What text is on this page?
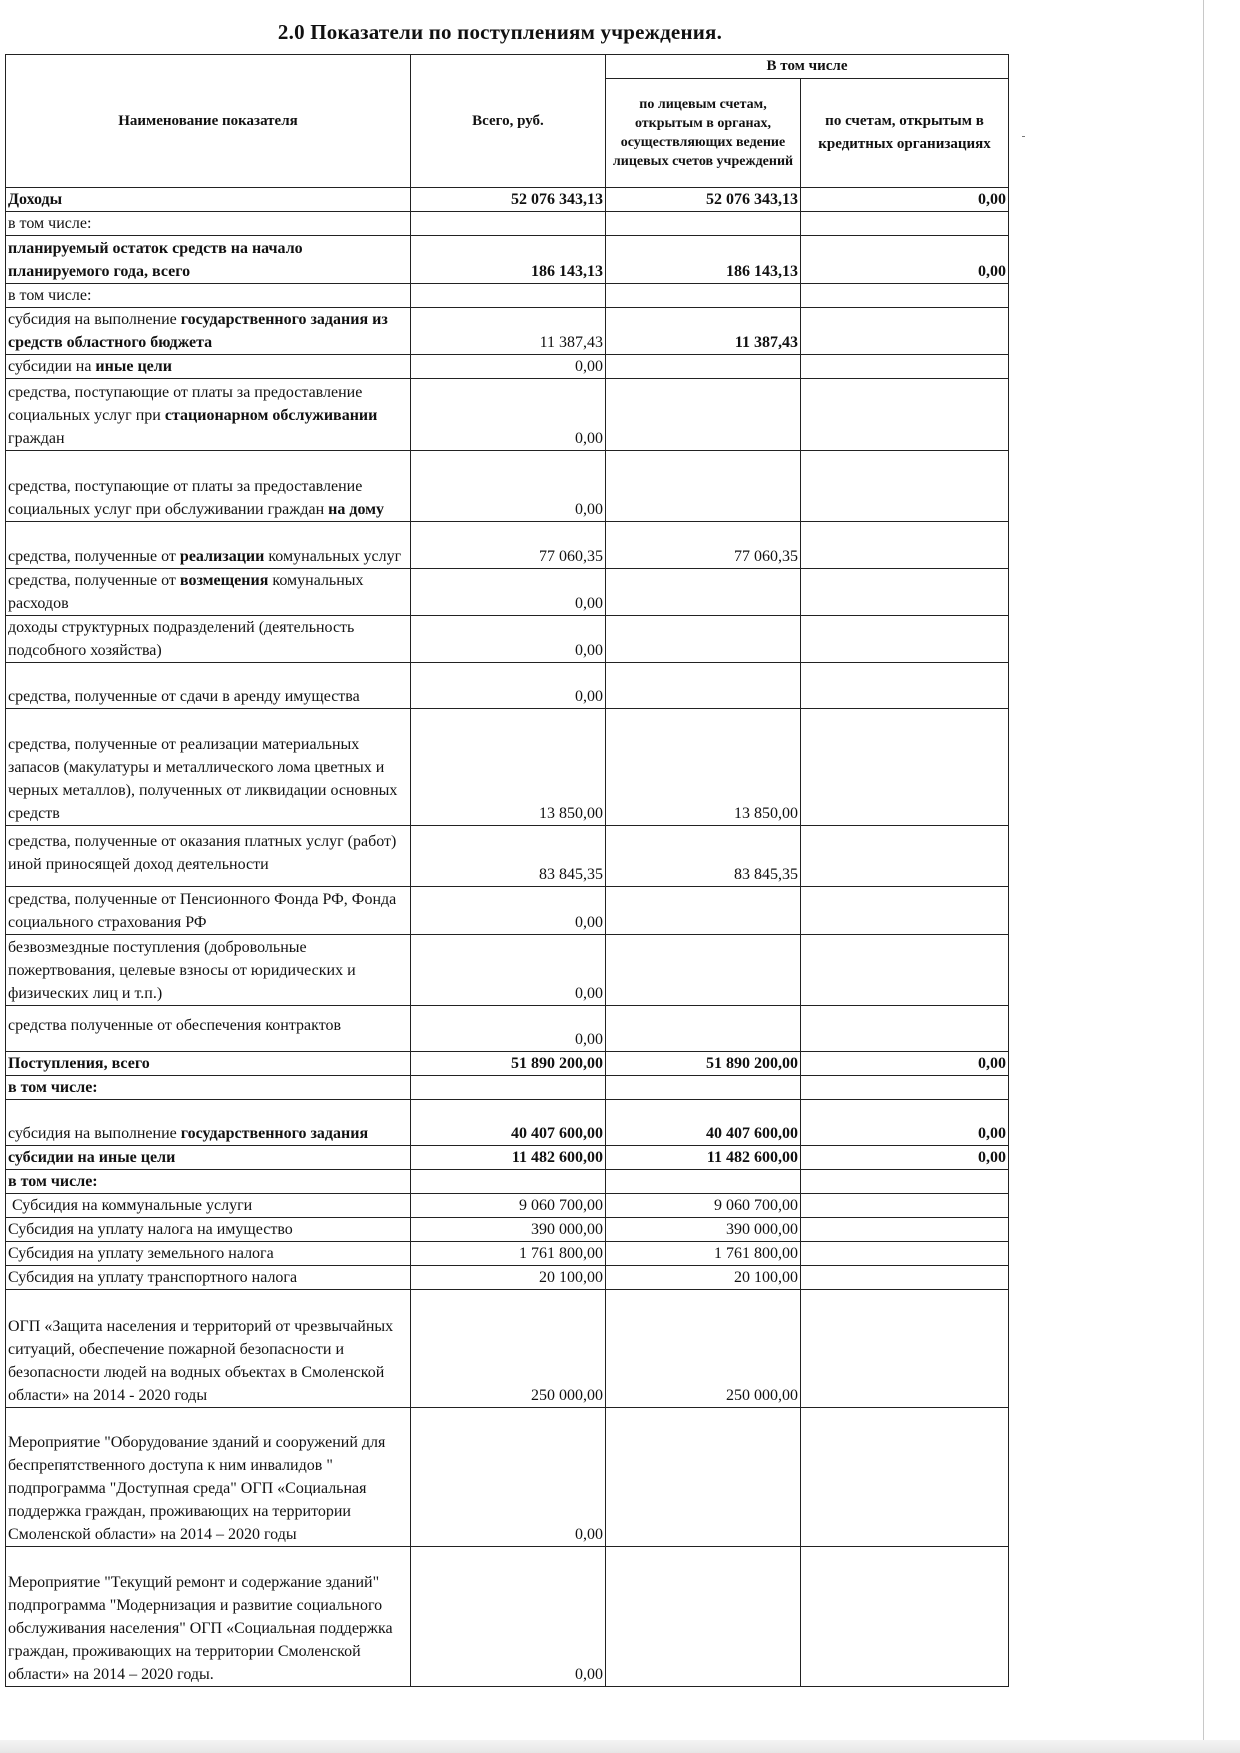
2.0 Показатели по поступлениям учреждения.
Наименование показателя	Всего, руб.	В том числе	
		по лицевым счетам, открытым в органах, осуществляющих ведение лицевых счетов учреждений	по счетам, открытым в кредитных организациях
Доходы	52 076 343,13	52 076 343,13	0,00
в том числе:			
планируемый остаток средств на начало планируемого года, всего	186 143,13	186 143,13	0,00
в том числе:			
субсидия на выполнение государственного задания из средств областного бюджета	11 387,43	11 387,43	
субсидии на иные цели	0,00		
средства, поступающие от платы за предоставление социальных услуг при стационарном обслуживании граждан	0,00		
средства, поступающие от платы за предоставление социальных услуг при обслуживании граждан на дому	0,00		
средства, полученные от реализации комунальных услуг	77 060,35	77 060,35	
средства, полученные от возмещения комунальных расходов	0,00		
доходы структурных подразделений (деятельность подсобного хозяйства)	0,00		
средства, полученные от сдачи в аренду имущества	0,00		
средства, полученные от реализации материальных запасов (макулатуры и металлического лома цветных и черных металлов), полученных от ликвидации основных средств	13 850,00	13 850,00	
средства, полученные от оказания платных услуг (работ) иной приносящей доход деятельности	83 845,35	83 845,35	
средства, полученные от Пенсионного Фонда РФ, Фонда социального страхования РФ	0,00		
безвозмездные поступления (добровольные пожертвования, целевые взносы от юридических и физических лиц и т.п.)	0,00		
средства полученные от обеспечения контрактов	0,00		
Поступления, всего	51 890 200,00	51 890 200,00	0,00
в том числе:			
субсидия на выполнение государственного задания	40 407 600,00	40 407 600,00	0,00
субсидии на иные цели	11 482 600,00	11 482 600,00	0,00
в том числе:			
Субсидия на коммунальные услуги	9 060 700,00	9 060 700,00	
Субсидия на уплату налога на имущество	390 000,00	390 000,00	
Субсидия на уплату земельного налога	1 761 800,00	1 761 800,00	
Субсидия на уплату транспортного налога	20 100,00	20 100,00	
ОГП «Защита населения и территорий от чрезвычайных ситуаций, обеспечение пожарной безопасности и безопасности людей на водных объектах в Смоленской области» на 2014 - 2020 годы	250 000,00	250 000,00	
Мероприятие "Оборудование зданий и сооружений для беспрепятственного доступа к ним инвалидов " подпрограмма "Доступная среда" ОГП «Социальная поддержка граждан, проживающих на территории Смоленской области» на 2014 – 2020 годы	0,00		
Мероприятие "Текущий ремонт и содержание зданий" подпрограмма "Модернизация и развитие социального обслуживания населения" ОГП «Социальная поддержка граждан, проживающих на территории Смоленской области» на 2014 – 2020 годы.	0,00		
